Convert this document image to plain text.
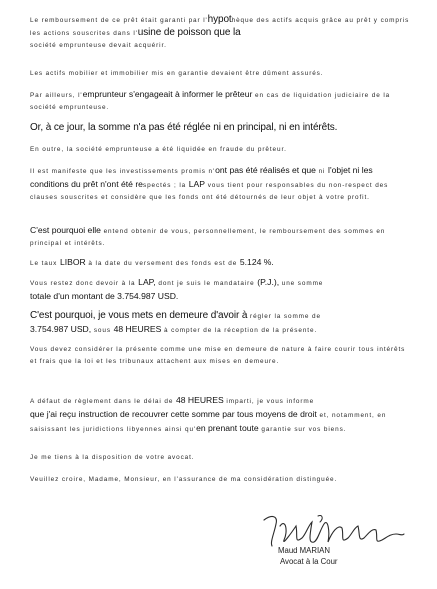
Le remboursement de ce prêt était garanti par l'hypothèque des actifs acquis grâce au prêt y compris les actions souscrites dans l'usine de poisson que la
société emprunteuse devait acquérir.

Les actifs mobilier et immobilier mis en garantie devaient être dûment assurés.

Par ailleurs, l'emprunteur s'engageait à informer le prêteur en cas de liquidation judiciaire de la société emprunteuse.

Or, à ce jour, la somme n'a pas été réglée ni en principal, ni en intérêts.

En outre, la société emprunteuse a été liquidée en fraude du prêteur.

Il est manifeste que les investissements promis n'ont pas été réalisés et que ni l'objet ni les conditions du prêt n'ont été respectés ; la LAP vous tient pour responsables du non-respect des clauses souscrites et considère que les fonds ont été détournés de leur objet à votre profit.

C'est pourquoi elle entend obtenir de vous, personnellement, le remboursement des sommes en principal et intérêts.

Le taux LIBOR à la date du versement des fonds est de 5.124 %.

Vous restez donc devoir à la LAP, dont je suis le mandataire (P.J.), une somme
totale d'un montant de 3.754.987 USD.

C'est pourquoi, je vous mets en demeure d'avoir à régler la somme de
3.754.987 USD, sous 48 HEURES à compter de la réception de la présente.

Vous devez considérer la présente comme une mise en demeure de nature à faire courir tous intérêts et frais que la loi et les tribunaux attachent aux mises en demeure.

A défaut de règlement dans le délai de 48 HEURES imparti, je vous informe
que j'ai reçu instruction de recouvrer cette somme par tous moyens de droit et, notamment, en saisissant les juridictions libyennes ainsi qu'en prenant toute garantie sur vos biens.

Je me tiens à la disposition de votre avocat.

Veuillez croire, Madame, Monsieur, en l'assurance de ma considération distinguée.

Maud MARIAN
Avocat à la Cour
